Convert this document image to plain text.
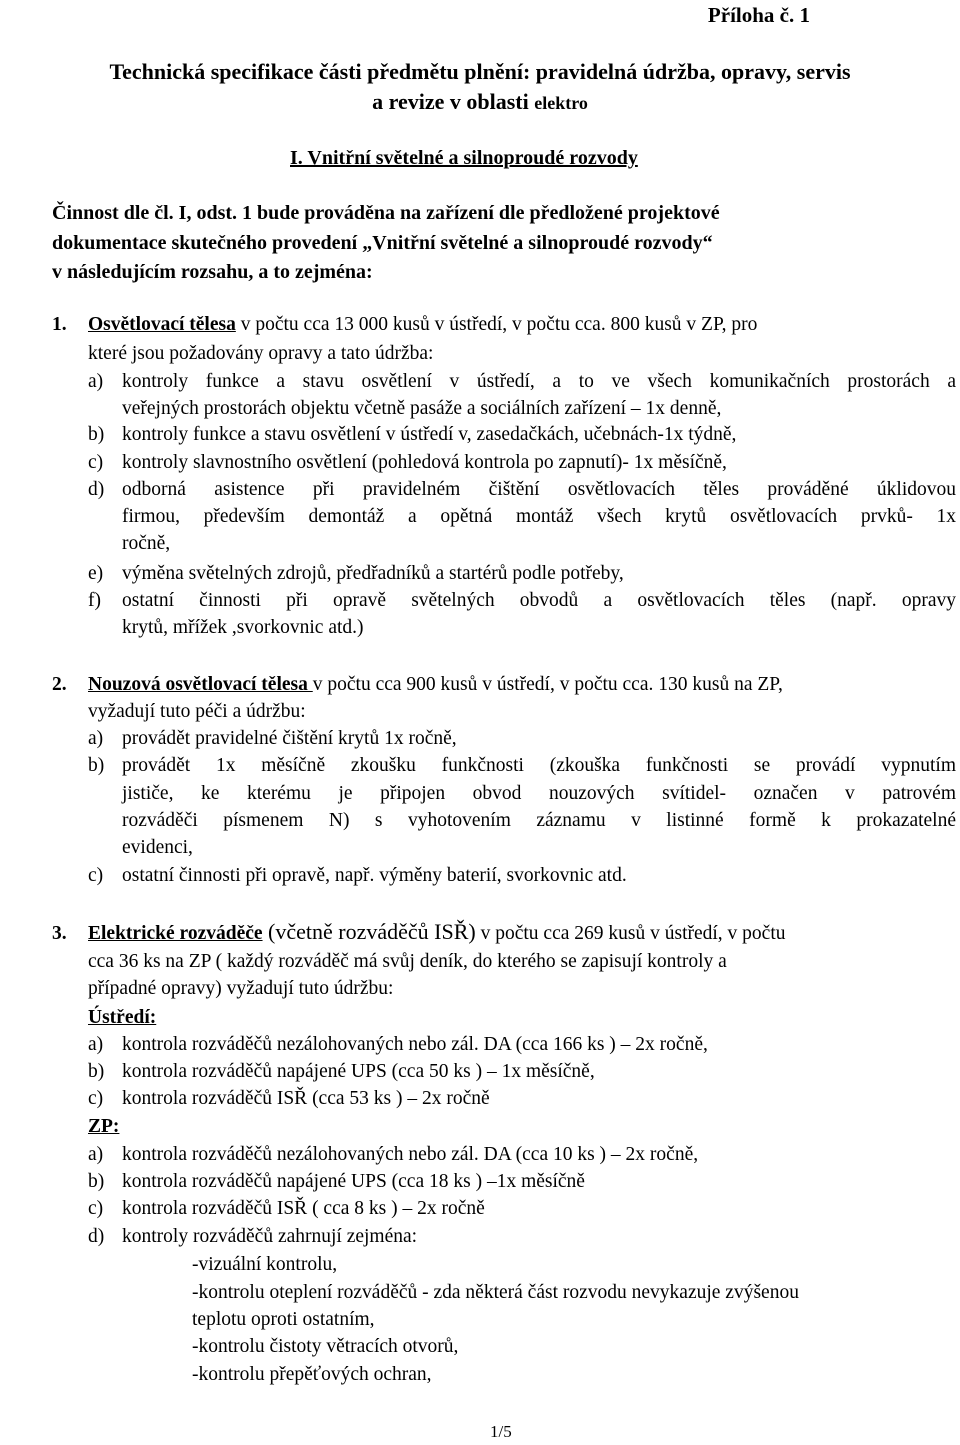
Příloha č. 1
Technická specifikace části předmětu plnění: pravidelná údržba, opravy, servis
a revize v oblasti elektro
I. Vnitřní světelné a silnoproudé rozvody
Činnost dle čl. I, odst. 1 bude prováděna na zařízení dle předložené projektové
dokumentace skutečného provedení „Vnitřní světelné a silnoproudé rozvody“
v následujícím rozsahu, a to zejména:
1. Osvětlovací tělesa v počtu cca 13 000 kusů v ústředí, v počtu cca. 800 kusů v ZP, pro
které jsou požadovány opravy a tato údržba:
a) kontroly funkce a stavu osvětlení v ústředí, a to ve všech komunikačních prostorách a
veřejných prostorách objektu včetně pasáže a sociálních zařízení – 1x denně,
b) kontroly funkce a stavu osvětlení v ústředí v, zasedačkách, učebnách-1x týdně,
c) kontroly slavnostního osvětlení (pohledová kontrola po zapnutí)- 1x měsíčně,
d) odborná asistence při pravidelném čištění osvětlovacích těles prováděné úklidovou
firmou, především demontáž a opětná montáž všech krytů osvětlovacích prvků- 1x
ročně,
e) výměna světelných zdrojů, předřadníků a startérů podle potřeby,
f) ostatní činnosti při opravě světelných obvodů a osvětlovacích těles (např. opravy
krytů, mřížek ,svorkovnic atd.)
2. Nouzová osvětlovací tělesa v počtu cca 900 kusů v ústředí, v počtu cca. 130 kusů na ZP,
vyžadují tuto péči a údržbu:
a) provádět pravidelné čištění krytů 1x ročně,
b) provádět 1x měsíčně zkoušku funkčnosti (zkouška funkčnosti se provádí vypnutím
jističe, ke kterému je připojen obvod nouzových svítidel- označen v patrovém
rozváděči písmenem N) s vyhotovením záznamu v listinné formě k prokazatelné
evidenci,
c) ostatní činnosti při opravě, např. výměny baterií, svorkovnic atd.
3. Elektrické rozváděče (včetně rozváděčů ISŘ) v počtu cca 269 kusů v ústředí, v počtu
cca 36 ks na ZP ( každý rozváděč má svůj deník, do kterého se zapisují kontroly a
případné opravy) vyžadují tuto údržbu:
Ústředí:
a) kontrola rozváděčů nezálohovaných nebo zál. DA (cca 166 ks ) – 2x ročně,
b) kontrola rozváděčů napájené UPS (cca 50 ks ) – 1x měsíčně,
c) kontrola rozváděčů ISŘ (cca 53 ks ) – 2x ročně
ZP:
a) kontrola rozváděčů nezálohovaných nebo zál. DA (cca 10 ks ) – 2x ročně,
b) kontrola rozváděčů napájené UPS (cca 18 ks ) –1x měsíčně
c) kontrola rozváděčů ISŘ ( cca 8 ks ) – 2x ročně
d) kontroly rozváděčů zahrnují zejména:
-vizuální kontrolu,
-kontrolu oteplení rozváděčů - zda některá část rozvodu nevykazuje zvýšenou
teplotu oproti ostatním,
-kontrolu čistoty větracích otvorů,
-kontrolu přepěťových ochran,
1/5
